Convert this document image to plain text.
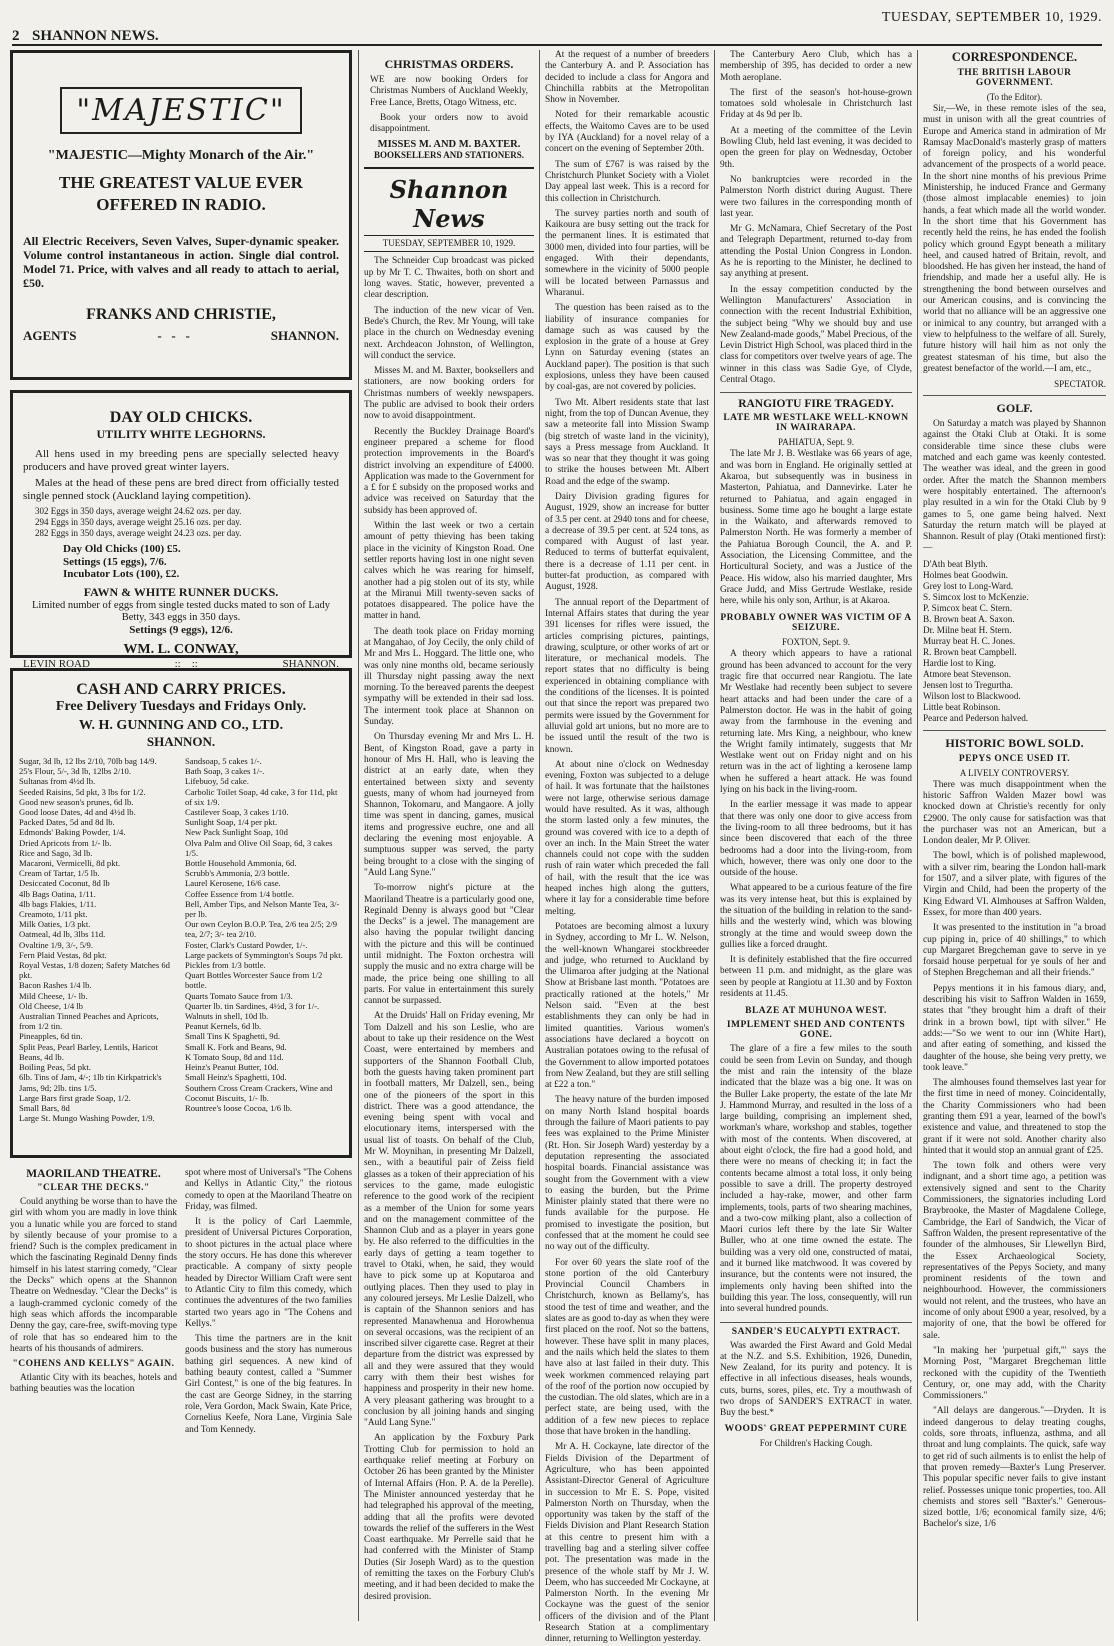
2 SHANNON NEWS.
TUESDAY, SEPTEMBER 10, 1929.
"MAJESTIC"
"MAJESTIC—Mighty Monarch of the Air."
THE GREATEST VALUE EVER OFFERED IN RADIO.
All Electric Receivers, Seven Valves, Super-dynamic speaker. Volume control instantaneous in action. Single dial control. Model 71. Price, with valves and all ready to attach to aerial, £50.
FRANKS AND CHRISTIE,
AGENTS	-   -   -	SHANNON.
DAY OLD CHICKS.
UTILITY WHITE LEGHORNS.
All hens used in my breeding pens are specially selected heavy producers and have proved great winter layers.
Males at the head of these pens are bred direct from officially tested single penned stock (Auckland laying competition).
302 Eggs in 350 days, average weight 24.62 ozs. per day.
294 Eggs in 350 days, average weight 25.16 ozs. per day.
282 Eggs in 350 days, average weight 24.23 ozs. per day.
Day Old Chicks (100) £5.
Settings (15 eggs), 7/6.
Incubator Lots (100), £2.
FAWN & WHITE RUNNER DUCKS.
Limited number of eggs from single tested ducks mated to son of Lady Betty, 343 eggs in 350 days.
Settings (9 eggs), 12/6.
WM. L. CONWAY,
LEVIN ROAD	::    ::	SHANNON.
CASH AND CARRY PRICES.
Free Delivery Tuesdays and Fridays Only.
W. H. GUNNING AND CO., LTD.
SHANNON.

Sugar, 3d lb, 12 lbs 2/10, 70lb bag 14/9.

25's Flour, 5/-, 3d lb, 12lbs 2/10.

Sultanas from 4½d lb.

Seeded Raisins, 5d pkt, 3 lbs for 1/2.

Good new season's prunes, 6d lb.

Good loose Dates, 4d and 4½d lb.

Packed Dates, 5d and 8d lb.

Edmonds' Baking Powder, 1/4.

Dried Apricots from 1/- lb.

Rice and Sago, 3d lb.

Macaroni, Vermicelli, 8d pkt.

Cream of Tartar, 1/5 lb.

Desiccated Coconut, 8d lb

4lb Bags Oatina, 1/11.

4lb bags Flakies, 1/11.

Creamoto, 1/11 pkt.

Milk Oaties, 1/3 pkt.

Oatmeal, 4d lb, 3lbs 11d.

Ovaltine 1/9, 3/-, 5/9.

Fern Plaid Vestas, 8d pkt.

Royal Vestas, 1/8 dozen; Safety Matches 6d pkt.

Bacon Rashes 1/4 lb.

Mild Cheese, 1/- lb.

Old Cheese, 1/4 lb

Australian Tinned Peaches and Apricots, from 1/2 tin.

Pineapples, 6d tin.

Split Peas, Pearl Barley, Lentils, Haricot Beans, 4d lb.

Boiling Peas, 5d pkt.

6lb. Tins of Jam, 4/-; 1lb tin Kirkpatrick's Jams, 9d; 2lb. tins 1/5.

Large Bars first grade Soap, 1/2.

Small Bars, 8d

Large St. Mungo Washing Powder, 1/9.

Sandsoap, 5 cakes 1/-.

Bath Soap, 3 cakes 1/-.

Lifebuoy, 5d cake.

Carbolic Toilet Soap, 4d cake, 3 for 11d, pkt of six 1/9.

Castilever Soap, 3 cakes 1/10.

Sunlight Soap, 1/4 per pkt.

New Pack Sunlight Soap, 10d

Olva Palm and Olive Oil Soap, 6d, 3 cakes 1/5.

Bottle Household Ammonia, 6d.

Scrubb's Ammonia, 2/3 bottle.

Laurel Kerosene, 16/6 case.

Coffee Essence from 1/4 bottle.

Bell, Amber Tips, and Nelson Mante Tea, 3/- per lb.

Our own Ceylon B.O.P. Tea, 2/6 tea 2/5; 2/9 tea, 2/7; 3/- tea 2/10.

Foster, Clark's Custard Powder, 1/-.

Large packets of Symmington's Soups 7d pkt.

Pickles from 1/3 bottle.

Quart Bottles Worcester Sauce from 1/2 bottle.

Quarts Tomato Sauce from 1/3.

Quarter lb. tin Sardines, 4½d, 3 for 1/-.

Walnuts in shell, 10d lb.

Peanut Kernels, 6d lb.

Small Tins K Spaghetti, 9d.

Small K. Fork and Beans, 9d.

K Tomato Soup, 8d and 11d.

Heinz's Peanut Butter, 10d.

Small Heinz's Spaghetti, 10d.

Southern Cross Cream Crackers, Wine and Coconut Biscuits, 1/- lb.

Rountree's loose Cocoa, 1/6 lb.

MAORILAND THEATRE.
"CLEAR THE DECKS."

Could anything be worse than to have the girl with whom you are madly in love think you a lunatic while you are forced to stand by silently because of your promise to a friend? Such is the complex predicament in which the fascinating Reginald Denny finds himself in his latest starring comedy, "Clear the Decks" which opens at the Shannon Theatre on Wednesday. "Clear the Decks" is a laugh-crammed cyclonic comedy of the high seas which affords the incomparable Denny the gay, care-free, swift-moving type of role that has so endeared him to the hearts of his thousands of admirers.

"COHENS AND KELLYS" AGAIN.

Atlantic City with its beaches, hotels and bathing beauties was the location

spot where most of Universal's "The Cohens and Kellys in Atlantic City," the riotous comedy to open at the Maoriland Theatre on Friday, was filmed.

It is the policy of Carl Laemmle, president of Universal Pictures Corporation, to shoot pictures in the actual place where the story occurs. He has done this wherever practicable. A company of sixty people headed by Director William Craft were sent to Atlantic City to film this comedy, which continues the adventures of the two families started two years ago in "The Cohens and Kellys."

This time the partners are in the knit goods business and the story has numerous bathing girl sequences. A new kind of bathing beauty contest, called a "Summer Girl Contest," is one of the big features. In the cast are George Sidney, in the starring role, Vera Gordon, Mack Swain, Kate Price, Cornelius Keefe, Nora Lane, Virginia Sale and Tom Kennedy.

CHRISTMAS ORDERS.

WE are now booking Orders for Christmas Numbers of Auckland Weekly, Free Lance, Bretts, Otago Witness, etc.

Book your orders now to avoid disappointment.

MISSES M. AND M. BAXTER.
BOOKSELLERS AND STATIONERS.
Shannon News
TUESDAY, SEPTEMBER 10, 1929.

The Schneider Cup broadcast was picked up by Mr T. C. Thwaites, both on short and long waves. Static, however, prevented a clear description.

The induction of the new vicar of Ven. Bede's Church, the Rev. Mr Young, will take place in the church on Wednesday evening next. Archdeacon Johnston, of Wellington, will conduct the service.

Misses M. and M. Baxter, booksellers and stationers, are now booking orders for Christmas numbers of weekly newspapers. The public are advised to book their orders now to avoid disappointment.

Recently the Buckley Drainage Board's engineer prepared a scheme for flood protection improvements in the Board's district involving an expenditure of £4000. Application was made to the Government for a £ for £ subsidy on the proposed works and advice was received on Saturday that the subsidy has been approved of.

Within the last week or two a certain amount of petty thieving has been taking place in the vicinity of Kingston Road. One settler reports having lost in one night seven calves which he was rearing for himself, another had a pig stolen out of its sty, while at the Miranui Mill twenty-seven sacks of potatoes disappeared. The police have the matter in hand.

The death took place on Friday morning at Mangahao, of Joy Cecily, the only child of Mr and Mrs L. Hoggard. The little one, who was only nine months old, became seriously ill Thursday night passing away the next morning. To the bereaved parents the deepest sympathy will be extended in their sad loss. The interment took place at Shannon on Sunday.

On Thursday evening Mr and Mrs L. H. Bent, of Kingston Road, gave a party in honour of Mrs H. Hall, who is leaving the district at an early date, when they entertained between sixty and seventy guests, many of whom had journeyed from Shannon, Tokomaru, and Mangaore. A jolly time was spent in dancing, games, musical items and progressive euchre, one and all declaring the evening most enjoyable. A sumptuous supper was served, the party being brought to a close with the singing of "Auld Lang Syne."

To-morrow night's picture at the Maoriland Theatre is a particularly good one, Reginald Denny is always good but "Clear the Decks" is a jewel. The management are also having the popular twilight dancing with the picture and this will be continued until midnight. The Foxton orchestra will supply the music and no extra charge will be made, the price being one shilling to all parts. For value in entertainment this surely cannot be surpassed.

At the Druids' Hall on Friday evening, Mr Tom Dalzell and his son Leslie, who are about to take up their residence on the West Coast, were entertained by members and supporters of the Shannon Football Club, both the guests having taken prominent part in football matters, Mr Dalzell, sen., being one of the pioneers of the sport in this district. There was a good attendance, the evening being spent with vocal and elocutionary items, interspersed with the usual list of toasts. On behalf of the Club, Mr W. Moynihan, in presenting Mr Dalzell, sen., with a beautiful pair of Zeiss field glasses as a token of their appreciation of his services to the game, made eulogistic reference to the good work of the recipient as a member of the Union for some years and on the management committee of the Shannon Club and as a player in years gone by. He also referred to the difficulties in the early days of getting a team together to travel to Otaki, when, he said, they would have to pick some up at Koputaroa and outlying places. Then they used to play in any coloured jerseys. Mr Leslie Dalzell, who is captain of the Shannon seniors and has represented Manawhenua and Horowhenua on several occasions, was the recipient of an inscribed silver cigarette case. Regret at their departure from the district was expressed by all and they were assured that they would carry with them their best wishes for happiness and prosperity in their new home. A very pleasant gathering was brought to a conclusion by all joining hands and singing "Auld Lang Syne."

An application by the Foxbury Park Trotting Club for permission to hold an earthquake relief meeting at Forbury on October 26 has been granted by the Minister of Internal Affairs (Hon. P. A. de la Perelle). The Minister announced yesterday that he had telegraphed his approval of the meeting, adding that all the profits were devoted towards the relief of the sufferers in the West Coast earthquake. Mr Perrelle said that he had conferred with the Minister of Stamp Duties (Sir Joseph Ward) as to the question of remitting the taxes on the Forbury Club's meeting, and it had been decided to make the desired provision.

At the request of a number of breeders the Canterbury A. and P. Association has decided to include a class for Angora and Chinchilla rabbits at the Metropolitan Show in November.

Noted for their remarkable acoustic effects, the Waitomo Caves are to be used by IYA (Auckland) for a novel relay of a concert on the evening of September 20th.

The sum of £767 is was raised by the Christchurch Plunket Society with a Violet Day appeal last week. This is a record for this collection in Christchurch.

The survey parties north and south of Kaikoura are busy setting out the track for the permanent lines. It is estimated that 3000 men, divided into four parties, will be engaged. With their dependants, somewhere in the vicinity of 5000 people will be located between Parnassus and Wharanui.

The question has been raised as to the liability of insurance companies for damage such as was caused by the explosion in the grate of a house at Grey Lynn on Saturday evening (states an Auckland paper). The position is that such explosions, unless they have been caused by coal-gas, are not covered by policies.

Two Mt. Albert residents state that last night, from the top of Duncan Avenue, they saw a meteorite fall into Mission Swamp (big stretch of waste land in the vicinity), says a Press message from Auckland. It was so near that they thought it was going to strike the houses between Mt. Albert Road and the edge of the swamp.

Dairy Division grading figures for August, 1929, show an increase for butter of 3.5 per cent. at 2940 tons and for cheese, a decrease of 39.5 per cent. at 524 tons, as compared with August of last year. Reduced to terms of butterfat equivalent, there is a decrease of 1.11 per cent. in butter-fat production, as compared with August, 1928.

The annual report of the Department of Internal Affairs states that during the year 391 licenses for rifles were issued, the articles comprising pictures, paintings, drawing, sculpture, or other works of art or literature, or mechanical models. The report states that no difficulty is being experienced in obtaining compliance with the conditions of the licenses. It is pointed out that since the report was prepared two permits were issued by the Government for alluvial gold art unions, but no more are to be issued until the result of the two is known.

At about nine o'clock on Wednesday evening, Foxton was subjected to a deluge of hail. It was fortunate that the hailstones were not large, otherwise serious damage would have resulted. As it was, although the storm lasted only a few minutes, the ground was covered with ice to a depth of over an inch. In the Main Street the water channels could not cope with the sudden rush of rain water which preceded the fall of hail, with the result that the ice was heaped inches high along the gutters, where it lay for a considerable time before melting.

Potatoes are becoming almost a luxury in Sydney, according to Mr L. W. Nelson, the well-known Whangarei stockbreeder and judge, who returned to Auckland by the Ulimaroa after judging at the National Show at Brisbane last month. "Potatoes are practically rationed at the hotels," Mr Nelson said. "Even at the best establishments they can only be had in limited quantities. Various women's associations have declared a boycott on Australian potatoes owing to the refusal of the Government to allow imported potatoes from New Zealand, but they are still selling at £22 a ton."

The heavy nature of the burden imposed on many North Island hospital boards through the failure of Maori patients to pay fees was explained to the Prime Minister (Rt. Hon. Sir Joseph Ward) yesterday by a deputation representing the associated hospital boards. Financial assistance was sought from the Government with a view to easing the burden, but the Prime Minister plainly stated that there were no funds available for the purpose. He promised to investigate the position, but confessed that at the moment he could see no way out of the difficulty.

For over 60 years the slate roof of the stone portion of the old Canterbury Provincial Council Chambers in Christchurch, known as Bellamy's, has stood the test of time and weather, and the slates are as good to-day as when they were first placed on the roof. Not so the battens, however. These have split in many places, and the nails which held the slates to them have also at last failed in their duty. This week workmen commenced relaying part of the roof of the portion now occupied by the custodian. The old slates, which are in a perfect state, are being used, with the addition of a few new pieces to replace those that have broken in the handling.

Mr A. H. Cockayne, late director of the Fields Division of the Department of Agriculture, who has been appointed Assistant-Director General of Agriculture in succession to Mr E. S. Pope, visited Palmerston North on Thursday, when the opportunity was taken by the staff of the Fields Division and Plant Research Station at this centre to present him with a travelling bag and a sterling silver coffee pot. The presentation was made in the presence of the whole staff by Mr J. W. Deem, who has succeeded Mr Cockayne, at Palmerston North. In the evening Mr Cockayne was the guest of the senior officers of the division and of the Plant Research Station at a complimentary dinner, returning to Wellington yesterday.

The Canterbury Aero Club, which has a membership of 395, has decided to order a new Moth aeroplane.

The first of the season's hot-house-grown tomatoes sold wholesale in Christchurch last Friday at 4s 9d per lb.

At a meeting of the committee of the Levin Bowling Club, held last evening, it was decided to open the green for play on Wednesday, October 9th.

No bankruptcies were recorded in the Palmerston North district during August. There were two failures in the corresponding month of last year.

Mr G. McNamara, Chief Secretary of the Post and Telegraph Department, returned to-day from attending the Postal Union Congress in London. As he is reporting to the Minister, he declined to say anything at present.

In the essay competition conducted by the Wellington Manufacturers' Association in connection with the recent Industrial Exhibition, the subject being "Why we should buy and use New Zealand-made goods," Mabel Precious, of the Levin District High School, was placed third in the class for competitors over twelve years of age. The winner in this class was Sadie Gye, of Clyde, Central Otago.

RANGIOTU FIRE TRAGEDY.
LATE MR WESTLAKE WELL-KNOWN IN WAIRARAPA.
PAHIATUA, Sept. 9.

The late Mr J. B. Westlake was 66 years of age, and was born in England. He originally settled at Akaroa, but subsequently was in business in Masterton, Pahiatua, and Dannevirke. Later he returned to Pahiatua, and again engaged in business. Some time ago he bought a large estate in the Waikato, and afterwards removed to Palmerston North. He was formerly a member of the Pahiatua Borough Council, the A. and P. Association, the Licensing Committee, and the Horticultural Society, and was a Justice of the Peace. His widow, also his married daughter, Mrs Grace Judd, and Miss Gertrude Westlake, reside here, while his only son, Arthur, is at Akaroa.

PROBABLY OWNER WAS VICTIM OF A SEIZURE.
FOXTON, Sept. 9.

A theory which appears to have a rational ground has been advanced to account for the very tragic fire that occurred near Rangiotu. The late Mr Westlake had recently been subject to severe heart attacks and had been under the care of a Palmerston doctor. He was in the habit of going away from the farmhouse in the evening and returning late. Mrs King, a neighbour, who knew the Wright family intimately, suggests that Mr Westlake went out on Friday night and on his return was in the act of lighting a kerosene lamp when he suffered a heart attack. He was found lying on his back in the living-room.

In the earlier message it was made to appear that there was only one door to give access from the living-room to all three bedrooms, but it has since been discovered that each of the three bedrooms had a door into the living-room, from which, however, there was only one door to the outside of the house.

What appeared to be a curious feature of the fire was its very intense heat, but this is explained by the situation of the building in relation to the sand-hills and the westerly wind, which was blowing strongly at the time and would sweep down the gullies like a forced draught.

It is definitely established that the fire occurred between 11 p.m. and midnight, as the glare was seen by people at Rangiotu at 11.30 and by Foxton residents at 11.45.

BLAZE AT MUHUNOA WEST.
IMPLEMENT SHED AND CONTENTS GONE.

The glare of a fire a few miles to the south could be seen from Levin on Sunday, and though the mist and rain the intensity of the blaze indicated that the blaze was a big one. It was on the Buller Lake property, the estate of the late Mr J. Hammond Murray, and resulted in the loss of a large building, comprising an implement shed, workman's whare, workshop and stables, together with most of the contents. When discovered, at about eight o'clock, the fire had a good hold, and there were no means of checking it; in fact the contents became almost a total loss, it only being possible to save a drill. The property destroyed included a hay-rake, mower, and other farm implements, tools, parts of two shearing machines, and a two-cow milking plant, also a collection of Maori curios left there by the late Sir Walter Buller, who at one time owned the estate. The building was a very old one, constructed of matai, and it burned like matchwood. It was covered by insurance, but the contents were not insured, the implements only having been shifted into the building this year. The loss, consequently, will run into several hundred pounds.

SANDER'S EUCALYPTI EXTRACT.

Was awarded the First Award and Gold Medal at the N.Z. and S.S. Exhibition, 1926, Dunedin, New Zealand, for its purity and potency. It is effective in all infectious diseases, heals wounds, cuts, burns, sores, piles, etc. Try a mouthwash of two drops of SANDER'S EXTRACT in water. Buy the best.*

WOODS' GREAT PEPPERMINT CURE
For Children's Hacking Cough.
CORRESPONDENCE.
THE BRITISH LABOUR GOVERNMENT.
(To the Editor).

Sir,—We, in these remote isles of the sea, must in unison with all the great countries of Europe and America stand in admiration of Mr Ramsay MacDonald's masterly grasp of matters of foreign policy, and his wonderful advancement of the prospects of a world peace. In the short nine months of his previous Prime Ministership, he induced France and Germany (those almost implacable enemies) to join hands, a feat which made all the world wonder. In the short time that his Government has recently held the reins, he has ended the foolish policy which ground Egypt beneath a military heel, and caused hatred of Britain, revolt, and bloodshed. He has given her instead, the hand of friendship, and made her a useful ally. He is strengthening the bond between ourselves and our American cousins, and is convincing the world that no alliance will be an aggressive one or inimical to any country, but arranged with a view to helpfulness to the welfare of all. Surely, future history will hail him as not only the greatest statesman of his time, but also the greatest benefactor of the world.—I am, etc.,

SPECTATOR.
GOLF.

On Saturday a match was played by Shannon against the Otaki Club at Otaki. It is some considerable time since these clubs were matched and each game was keenly contested. The weather was ideal, and the green in good order. After the match the Shannon members were hospitably entertained. The afternoon's play resulted in a win for the Otaki Club by 9 games to 5, one game being halved. Next Saturday the return match will be played at Shannon. Result of play (Otaki mentioned first):—

D'Ath beat Blyth.

Holmes beat Goodwin.

Grey lost to Long-Ward.

S. Simcox lost to McKenzie.

P. Simcox beat C. Stern.

B. Brown beat A. Saxon.

Dr. Milne beat H. Stern.

Murray beat H. C. Jones.

R. Brown beat Campbell.

Hardie lost to King.

Atmore beat Stevenson.

Jensen lost to Tregurtha.

Wilson lost to Blackwood.

Little beat Robinson.

Pearce and Pederson halved.

HISTORIC BOWL SOLD.
PEPYS ONCE USED IT.
A LIVELY CONTROVERSY.

There was much disappointment when the historic Saffron Walden Mazer bowl was knocked down at Christie's recently for only £2900. The only cause for satisfaction was that the purchaser was not an American, but a London dealer, Mr P. Oliver.

The bowl, which is of polished maplewood, with a silver rim, bearing the London hall-mark for 1507, and a silver plate, with figures of the Virgin and Child, had been the property of the King Edward VI. Almhouses at Saffron Walden, Essex, for more than 400 years.

It was presented to the institution in "a broad cup piping in, price of 40 shillings," to which cup Margaret Bregcheman gave to serve in ye forsaid house perpetual for ye souls of her and of Stephen Bregcheman and all their friends."

Pepys mentions it in his famous diary, and, describing his visit to Saffron Walden in 1659, states that "they brought him a draft of their drink in a brown bowl, tipt with silver." He adds:—"So we went to our inn (White Hart), and after eating of something, and kissed the daughter of the house, she being very pretty, we took leave."

The almhouses found themselves last year for the first time in need of money. Coincidentally, the Charity Commissioners who had been granting them £91 a year, learned of the bowl's existence and value, and threatened to stop the grant if it were not sold. Another charity also hinted that it would stop an annual grant of £25.

The town folk and others were very indignant, and a short time ago, a petition was extensively signed and sent to the Charity Commissioners, the signatories including Lord Braybrooke, the Master of Magdalene College, Cambridge, the Earl of Sandwich, the Vicar of Saffron Walden, the present representative of the founder of the almhouses, Sir Llewellyn Bird, the Essex Archaeological Society, representatives of the Pepys Society, and many prominent residents of the town and neighbourhood. However, the commissioners would not relent, and the trustees, who have an income of only about £900 a year, resolved, by a majority of one, that the bowl be offered for sale.

"In making her 'purpetual gift,'" says the Morning Post, "Margaret Bregcheman little reckoned with the cupidity of the Twentieth Century, or, one may add, with the Charity Commissioners."

"All delays are dangerous."—Dryden. It is indeed dangerous to delay treating coughs, colds, sore throats, influenza, asthma, and all throat and lung complaints. The quick, safe way to get rid of such ailments is to enlist the help of that proven remedy—Baxter's Lung Preserver. This popular specific never fails to give instant relief. Possesses unique tonic properties, too. All chemists and stores sell "Baxter's." Generous-sized bottle, 1/6; economical family size, 4/6; Bachelor's size, 1/6
